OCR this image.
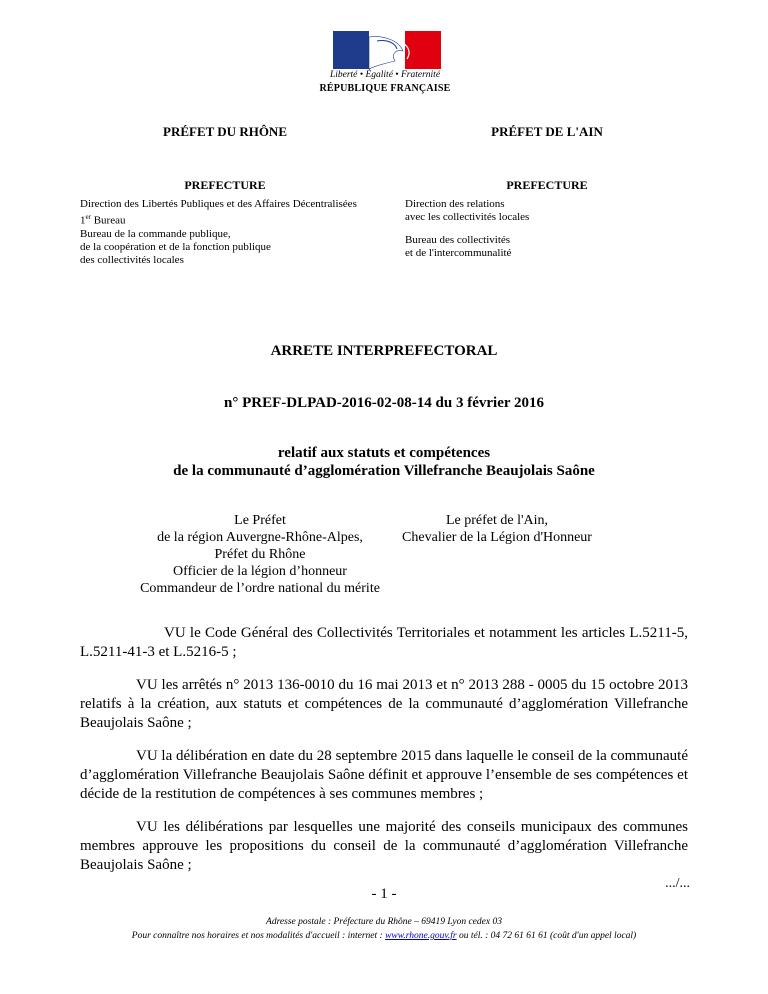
Liberté • Égalité • Fraternité
RÉPUBLIQUE FRANÇAISE
PRÉFET DU RHÔNE
PREFECTURE
Direction des Libertés Publiques et des Affaires Décentralisées
1er Bureau
Bureau de la commande publique,
de la coopération et de la fonction publique
des collectivités locales
PRÉFET DE L'AIN
PREFECTURE
Direction des relations
avec les collectivités locales
Bureau des collectivités
et de l'intercommunalité
ARRETE INTERPREFECTORAL
n° PREF-DLPAD-2016-02-08-14 du 3 février 2016
relatif aux statuts et compétences
de la communauté d’agglomération Villefranche Beaujolais Saône
Le Préfet
de la région Auvergne-Rhône-Alpes,
Préfet du Rhône
Officier de la légion d’honneur
Commandeur de l’ordre national du mérite
Le préfet de l'Ain,
Chevalier de la Légion d'Honneur
VU le Code Général des Collectivités Territoriales et notamment les articles L.5211-5, L.5211-41-3 et L.5216-5 ;
VU les arrêtés n° 2013 136-0010 du 16 mai 2013 et n° 2013 288 - 0005 du 15 octobre 2013 relatifs à la création, aux statuts et compétences de la communauté d’agglomération Villefranche Beaujolais Saône ;
VU la délibération en date du 28 septembre 2015 dans laquelle le conseil de la communauté d’agglomération Villefranche Beaujolais Saône définit et approuve l’ensemble de ses compétences et décide de la restitution de compétences à ses communes membres ;
VU les délibérations par lesquelles une majorité des conseils municipaux des communes membres approuve les propositions du conseil de la communauté d’agglomération Villefranche Beaujolais Saône ;
.../...
- 1 -
Adresse postale : Préfecture du Rhône – 69419 Lyon cedex 03
Pour connaître nos horaires et nos modalités d'accueil : internet : www.rhone.gouv.fr ou tél. : 04 72 61 61 61 (coût d'un appel local)
